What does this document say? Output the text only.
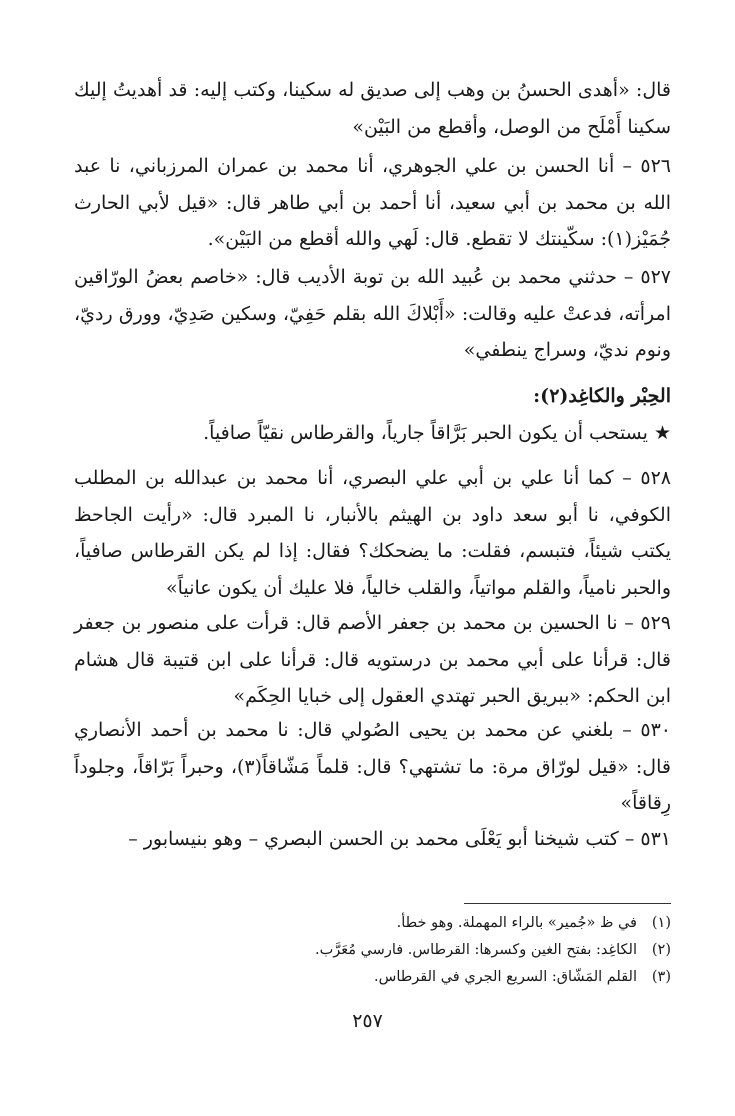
قال: «أهدى الحسنُ بن وهب إلى صديق له سكينا، وكتب إليه: قد أهديتُ إليك سكينا أَمْلَح من الوصل، وأقطع من البَيْن»

٥٢٦ – أنا الحسن بن علي الجوهري، أنا محمد بن عمران المرزباني، نا عبد الله بن محمد بن أبي سعيد، أنا أحمد بن أبي طاهر قال: «قيل لأبي الحارث جُمَيْز(١): سكّينتك لا تقطع. قال: لَهي والله أقطع من البَيْن».

٥٢٧ – حدثني محمد بن عُبيد الله بن توبة الأديب قال: «خاصم بعضُ الورّاقين امرأته، فدعتْ عليه وقالت: «أَبْلاكَ الله بقلم حَفِيّ، وسكين صَدِيّ، وورق رديّ، ونوم نديّ، وسراج ينطفي»

الحِبْر والكاغِد(٢):

★ يستحب أن يكون الحبر بَرَّاقاً جارياً، والقرطاس نقيّاً صافياً.

٥٢٨ – كما أنا علي بن أبي علي البصري، أنا محمد بن عبدالله بن المطلب الكوفي، نا أبو سعد داود بن الهيثم بالأنبار، نا المبرد قال: «رأيت الجاحظ يكتب شيئاً، فتبسم، فقلت: ما يضحكك؟ فقال: إذا لم يكن القرطاس صافياً، والحبر نامياً، والقلم مواتياً، والقلب خالياً، فلا عليك أن يكون عانياً»

٥٢٩ – نا الحسين بن محمد بن جعفر الأصم قال: قرأت على منصور بن جعفر قال: قرأنا على أبي محمد بن درستويه قال: قرأنا على ابن قتيبة قال هشام ابن الحكم: «ببريق الحبر تهتدي العقول إلى خبايا الحِكَم»

٥٣٠ – بلغني عن محمد بن يحيى الصُولي قال: نا محمد بن أحمد الأنصاري قال: «قيل لورّاق مرة: ما تشتهي؟ قال: قلماً مَشّاقاً(٣)، وحبراً بَرّاقاً، وجلوداً رِقاقاً»

٥٣١ – كتب شيخنا أبو يَعْلَى محمد بن الحسن البصري – وهو بنيسابور –

(١)
في ظ «جُمير» بالراء المهملة. وهو خطأ.
(٢)
الكاغِد: بفتح الغين وكسرها: القرطاس. فارسي مُعَرَّب.
(٣)
القلم المَشّاق: السريع الجري في القرطاس.
٢٥٧
